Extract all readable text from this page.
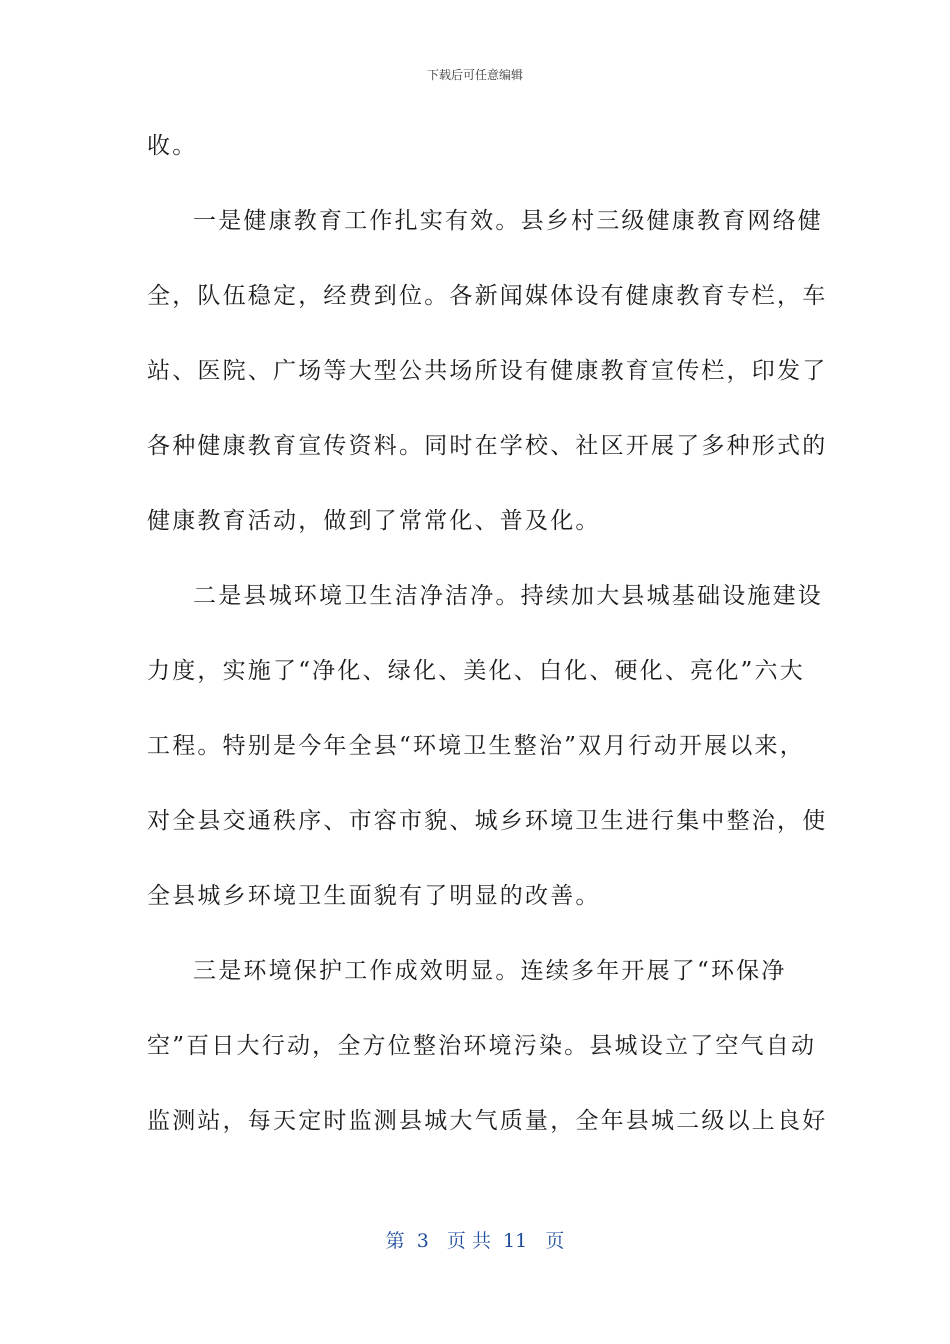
下载后可任意编辑
收。
一是健康教育工作扎实有效。县乡村三级健康教育网络健
全，队伍稳定，经费到位。各新闻媒体设有健康教育专栏，车
站、医院、广场等大型公共场所设有健康教育宣传栏，印发了
各种健康教育宣传资料。同时在学校、社区开展了多种形式的
健康教育活动，做到了常常化、普及化。
二是县城环境卫生洁净洁净。持续加大县城基础设施建设
力度，实施了“净化、绿化、美化、白化、硬化、亮化”六大
工程。特别是今年全县“环境卫生整治”双月行动开展以来，
对全县交通秩序、市容市貌、城乡环境卫生进行集中整治，使
全县城乡环境卫生面貌有了明显的改善。
三是环境保护工作成效明显。连续多年开展了“环保净
空”百日大行动，全方位整治环境污染。县城设立了空气自动
监测站，每天定时监测县城大气质量，全年县城二级以上良好
第  3   页 共  11   页
